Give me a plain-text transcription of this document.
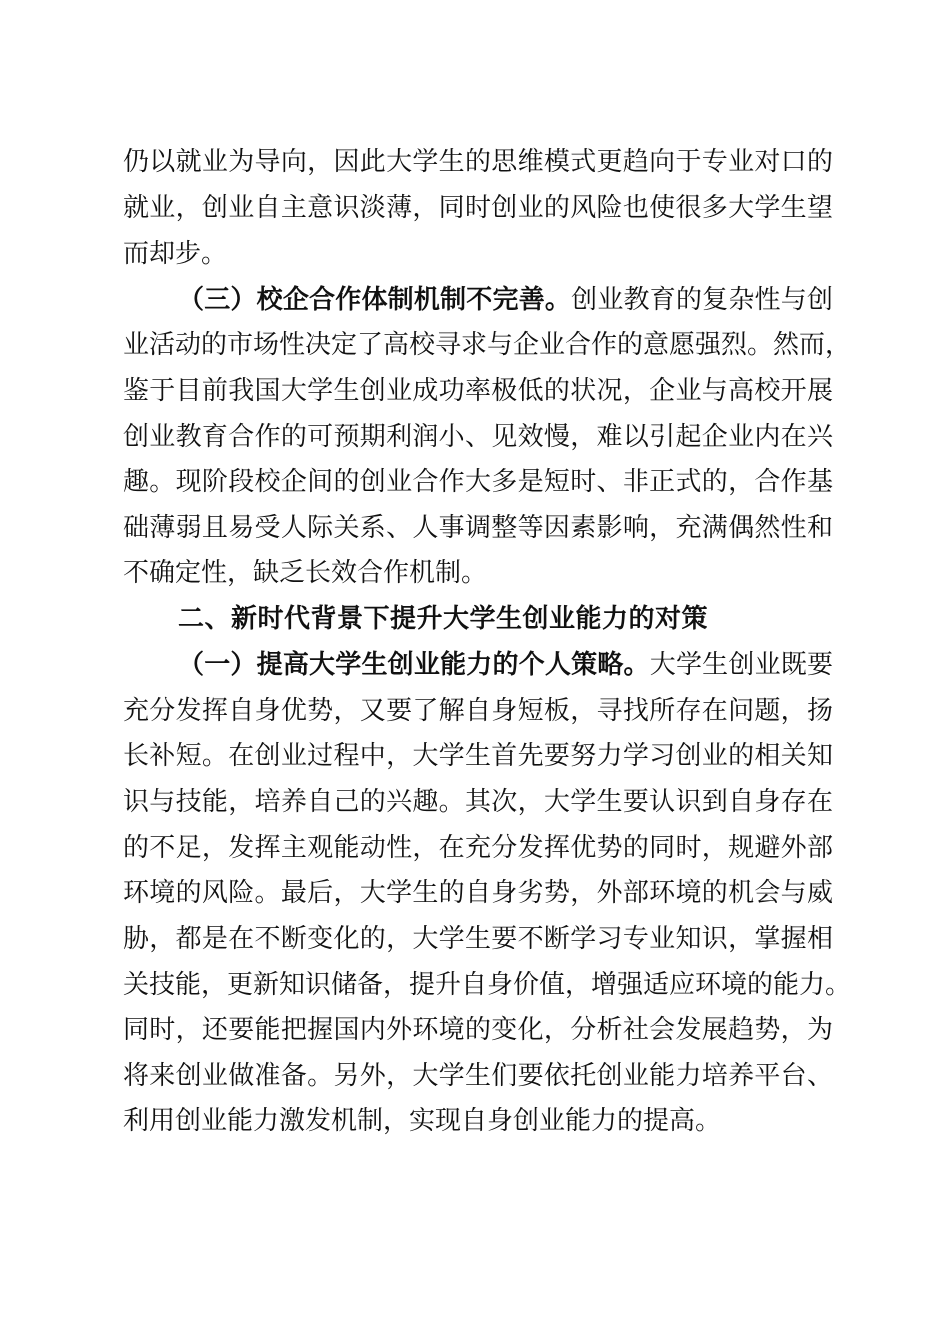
仍以就业为导向，因此大学生的思维模式更趋向于专业对口的
就业，创业自主意识淡薄，同时创业的风险也使很多大学生望
而却步。
（三）校企合作体制机制不完善。创业教育的复杂性与创
业活动的市场性决定了高校寻求与企业合作的意愿强烈。然而，
鉴于目前我国大学生创业成功率极低的状况，企业与高校开展
创业教育合作的可预期利润小、见效慢，难以引起企业内在兴
趣。现阶段校企间的创业合作大多是短时、非正式的，合作基
础薄弱且易受人际关系、人事调整等因素影响，充满偶然性和
不确定性，缺乏长效合作机制。
二、新时代背景下提升大学生创业能力的对策
（一）提高大学生创业能力的个人策略。大学生创业既要
充分发挥自身优势，又要了解自身短板，寻找所存在问题，扬
长补短。在创业过程中，大学生首先要努力学习创业的相关知
识与技能，培养自己的兴趣。其次，大学生要认识到自身存在
的不足，发挥主观能动性，在充分发挥优势的同时，规避外部
环境的风险。最后，大学生的自身劣势，外部环境的机会与威
胁，都是在不断变化的，大学生要不断学习专业知识，掌握相
关技能，更新知识储备，提升自身价值，增强适应环境的能力。
同时，还要能把握国内外环境的变化，分析社会发展趋势，为
将来创业做准备。另外，大学生们要依托创业能力培养平台、
利用创业能力激发机制，实现自身创业能力的提高。
